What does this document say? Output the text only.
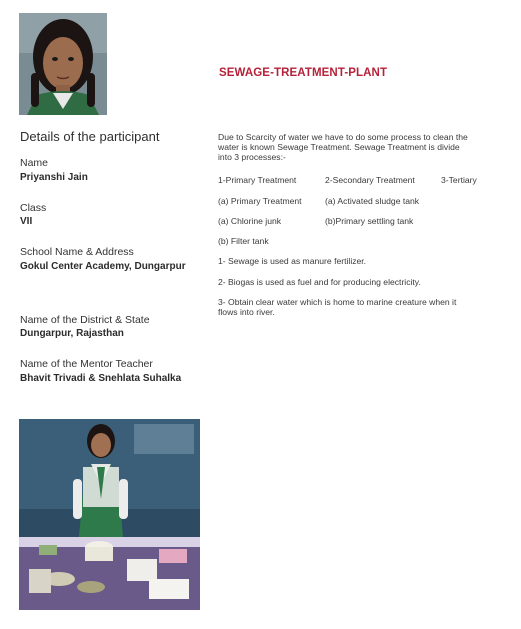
SEWAGE-TREATMENT-PLANT
Details of the participant
Name
Priyanshi Jain
Class
VII
School Name & Address
Gokul Center Academy, Dungarpur
Name of the District & State
Dungarpur, Rajasthan
Name of the Mentor Teacher
Bhavit Trivadi & Snehlata Suhalka
Due to Scarcity of water we have to do some process to clean the
water is known Sewage Treatment. Sewage Treatment is divide
into 3 processes:-
1-Primary Treatment	2-Secondary Treatment	3-Tertiary
(a) Primary Treatment	(a) Activated sludge tank
(a) Chlorine junk	(b)Primary settling tank
(b) Filter tank
1- Sewage is used as manure fertilizer.
2- Biogas is used as fuel and for producing electricity.
3- Obtain clear water which is home to marine creature when it
flows into river.
